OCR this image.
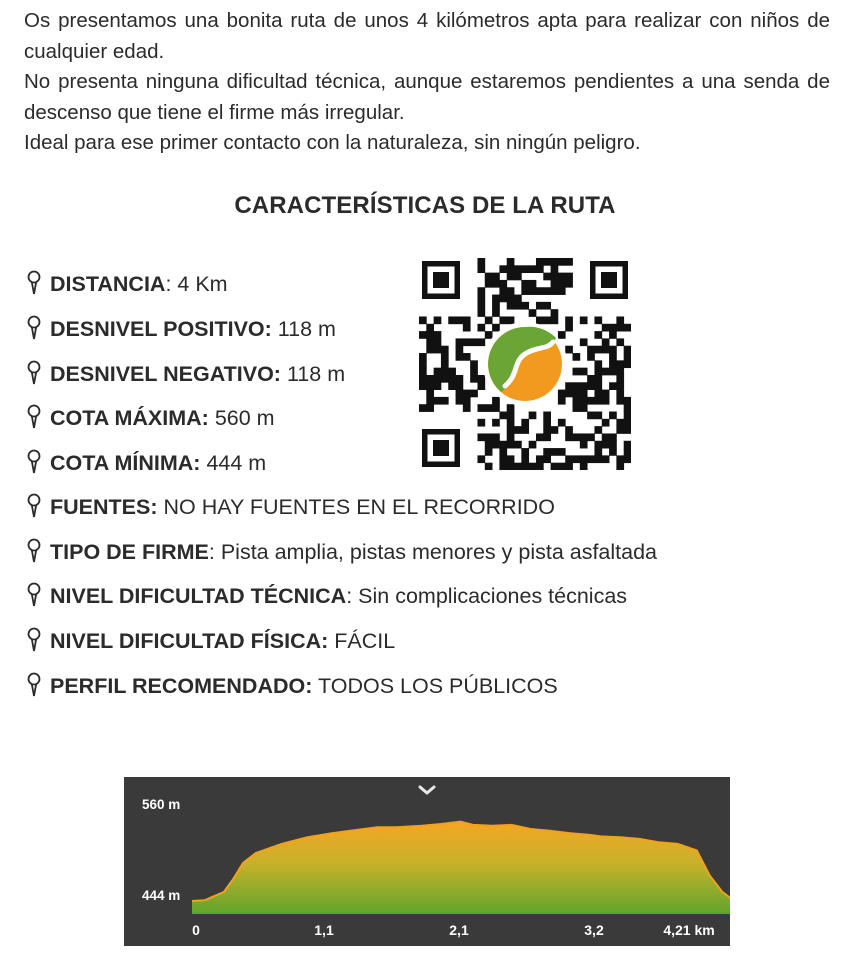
Os presentamos una bonita ruta de unos 4 kilómetros apta para realizar con niños de cualquier edad.

No presenta ninguna dificultad técnica, aunque estaremos pendientes a una senda de descenso que tiene el firme más irregular.

Ideal para ese primer contacto con la naturaleza, sin ningún peligro.

CARACTERÍSTICAS DE LA RUTA
DISTANCIA: 4 Km
DESNIVEL POSITIVO: 118 m
DESNIVEL NEGATIVO: 118 m
COTA MÁXIMA: 560 m
COTA MÍNIMA: 444 m
FUENTES: NO HAY FUENTES EN EL RECORRIDO
TIPO DE FIRME: Pista amplia, pistas menores y pista asfaltada
NIVEL DIFICULTAD TÉCNICA: Sin complicaciones técnicas
NIVEL DIFICULTAD FÍSICA: FÁCIL
PERFIL RECOMENDADO: TODOS LOS PÚBLICOS
560 m
444 m
0	1,1	2,1	3,2	4,21 km
